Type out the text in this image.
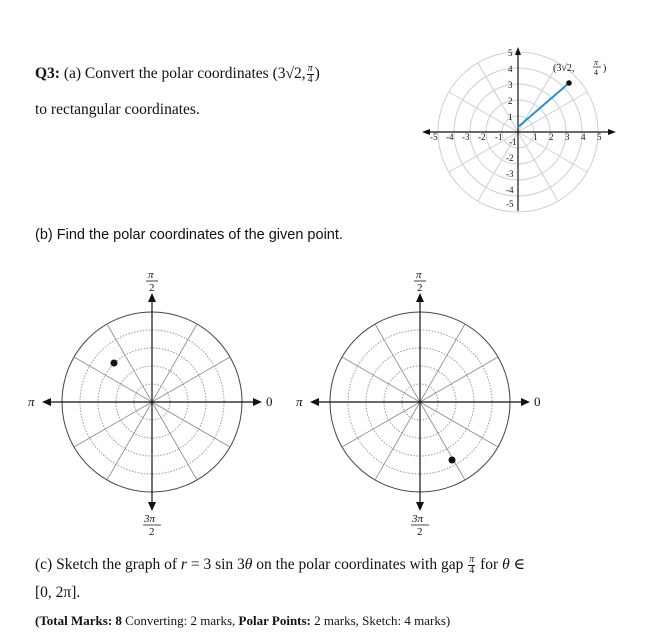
Q3: (a) Convert the polar coordinates (3√2, $\frac{\pi}{4}$ )
to rectangular coordinates.
-5 -4 -3 -2 -1	1 2 3 4 5
5
4
3
2
1
-1
-2
-3
-4
-5
(3√2,
π
4 )
(b) Find the polar coordinates of the given point.
π
2
π	0
3π
2
π
2
π	0
3π
2
(c) Sketch the graph of r = 3 sin 3θ on the polar coordinates with gap $\frac{\pi}{4}$ for θ ∈
[0, 2π].
(Total Marks: 8 Converting: 2 marks, Polar Points: 2 marks, Sketch: 4 marks)
